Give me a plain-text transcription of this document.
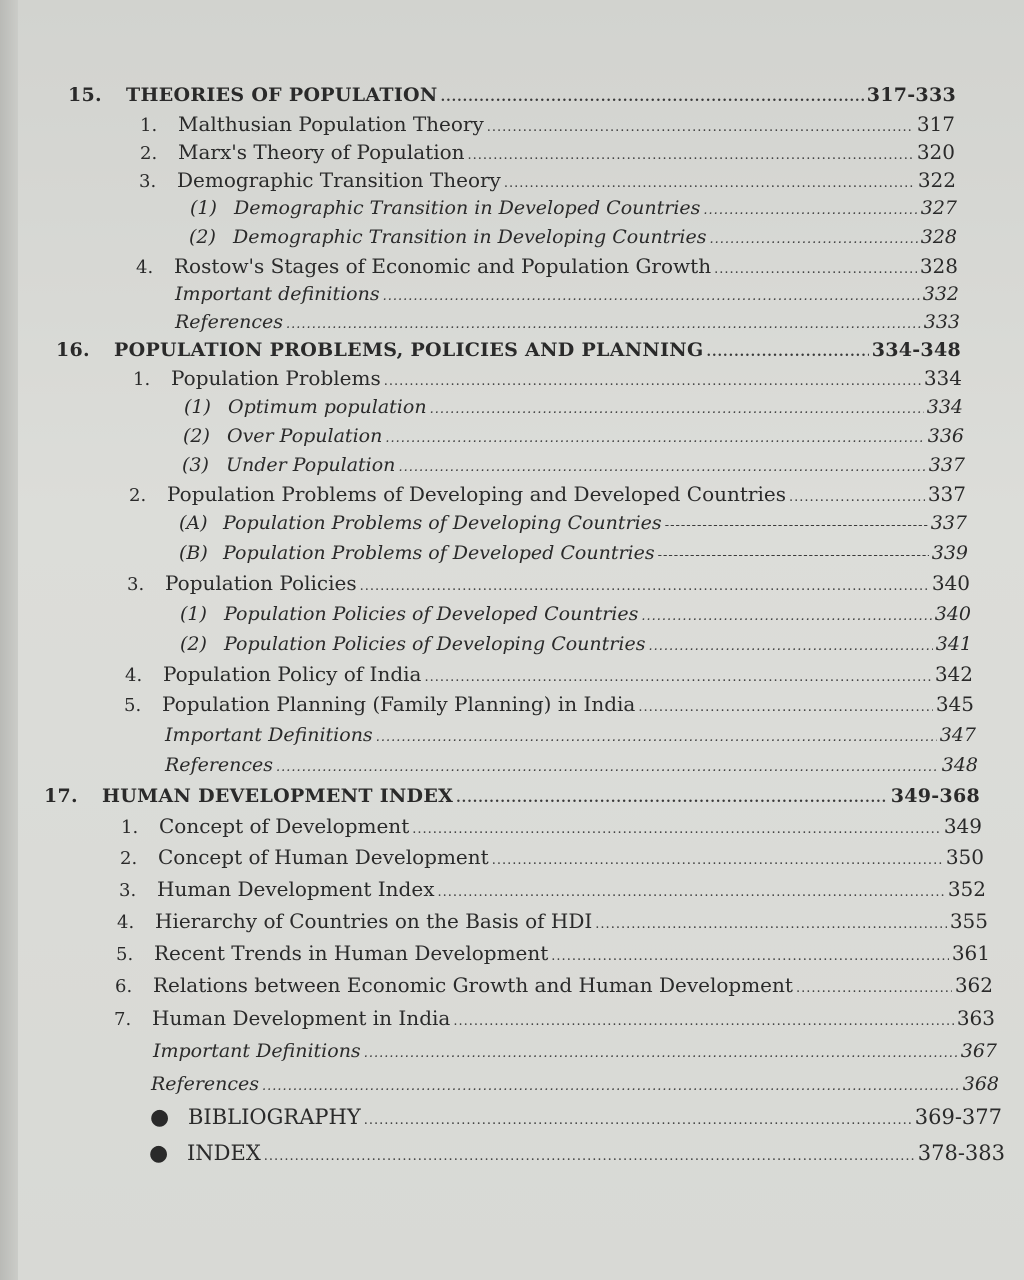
15.	THEORIES OF POPULATION .....	317-333
1.	Malthusian Population Theory .....	317
2.	Marx's Theory of Population .....	320
3.	Demographic Transition Theory .....	322
(1) Demographic Transition in Developed Countries .....	327
(2) Demographic Transition in Developing Countries .....	328
4.	Rostow's Stages of Economic and Population Growth .....	328
Important definitions .....	332
References .....	333
16.	POPULATION PROBLEMS, POLICIES AND PLANNING .....	334-348
1.	Population Problems .....	334
(1) Optimum population .....	334
(2) Over Population .....	336
(3) Under Population .....	337
2.	Population Problems of Developing and Developed Countries .....	337
(A) Population Problems of Developing Countries -----	337
(B) Population Problems of Developed Countries -----	339
3.	Population Policies .....	340
(1) Population Policies of Developed Countries .....	340
(2) Population Policies of Developing Countries .....	341
4.	Population Policy of India .....	342
5.	Population Planning (Family Planning) in India .....	345
Important Definitions .....	347
References .....	348
17.	HUMAN DEVELOPMENT INDEX .....	349-368
1.	Concept of Development .....	349
2.	Concept of Human Development .....	350
3.	Human Development Index .....	352
4.	Hierarchy of Countries on the Basis of HDI .....	355
5.	Recent Trends in Human Development .....	361
6.	Relations between Economic Growth and Human Development .....	362
7.	Human Development in India .....	363
Important Definitions .....	367
References .....	368
● BIBLIOGRAPHY .....	369-377
● INDEX .....	378-383
